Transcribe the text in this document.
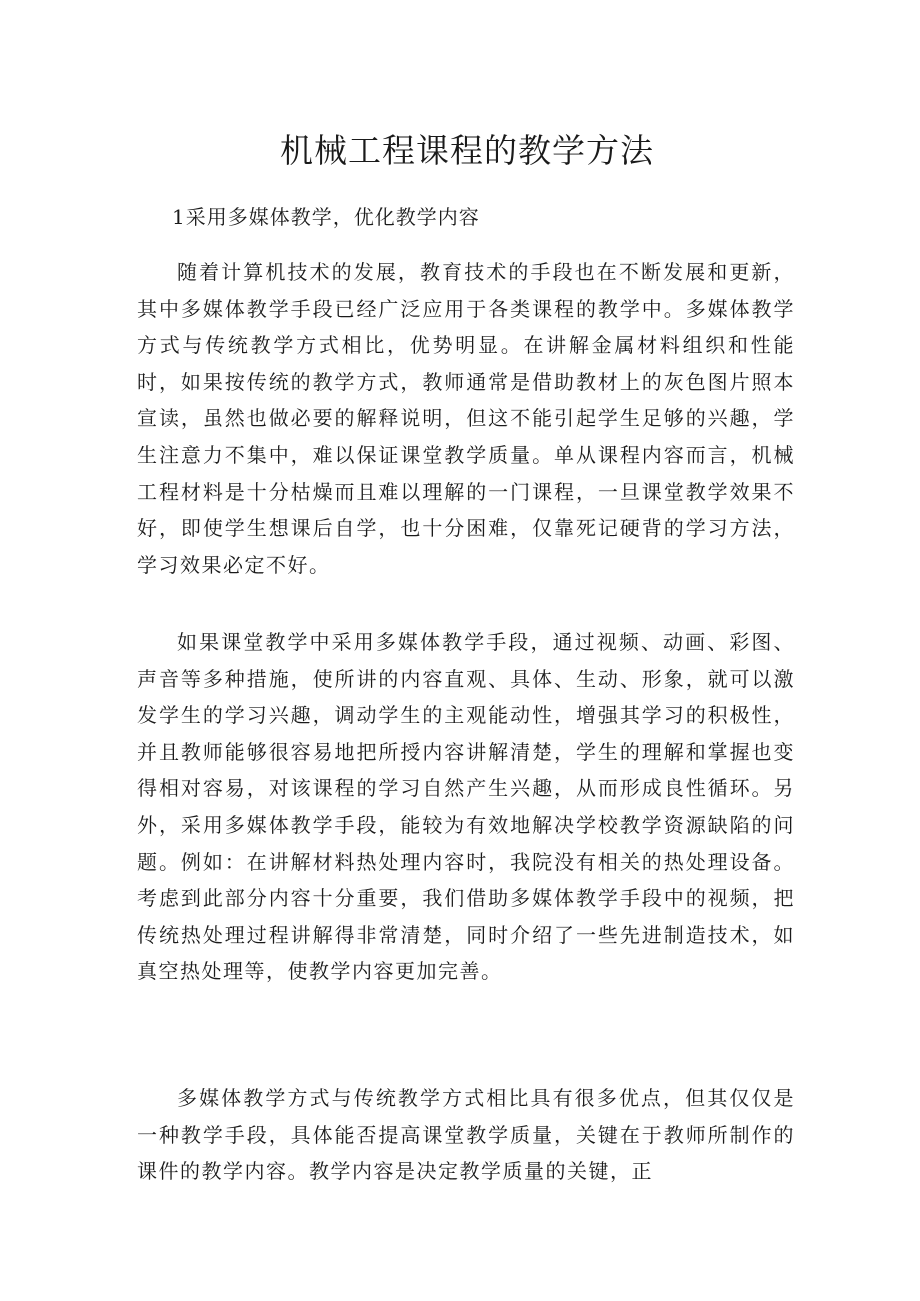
机械工程课程的教学方法
1采用多媒体教学，优化教学内容

随着计算机技术的发展，教育技术的手段也在不断发展和更新，其中多媒体教学手段已经广泛应用于各类课程的教学中。多媒体教学方式与传统教学方式相比，优势明显。在讲解金属材料组织和性能时，如果按传统的教学方式，教师通常是借助教材上的灰色图片照本宣读，虽然也做必要的解释说明，但这不能引起学生足够的兴趣，学生注意力不集中，难以保证课堂教学质量。单从课程内容而言，机械工程材料是十分枯燥而且难以理解的一门课程，一旦课堂教学效果不好，即使学生想课后自学，也十分困难，仅靠死记硬背的学习方法，学习效果必定不好。

如果课堂教学中采用多媒体教学手段，通过视频、动画、彩图、声音等多种措施，使所讲的内容直观、具体、生动、形象，就可以激发学生的学习兴趣，调动学生的主观能动性，增强其学习的积极性，并且教师能够很容易地把所授内容讲解清楚，学生的理解和掌握也变得相对容易，对该课程的学习自然产生兴趣，从而形成良性循环。另外，采用多媒体教学手段，能较为有效地解决学校教学资源缺陷的问题。例如：在讲解材料热处理内容时，我院没有相关的热处理设备。考虑到此部分内容十分重要，我们借助多媒体教学手段中的视频，把传统热处理过程讲解得非常清楚，同时介绍了一些先进制造技术，如真空热处理等，使教学内容更加完善。

多媒体教学方式与传统教学方式相比具有很多优点，但其仅仅是一种教学手段，具体能否提高课堂教学质量，关键在于教师所制作的课件的教学内容。教学内容是决定教学质量的关键，正
